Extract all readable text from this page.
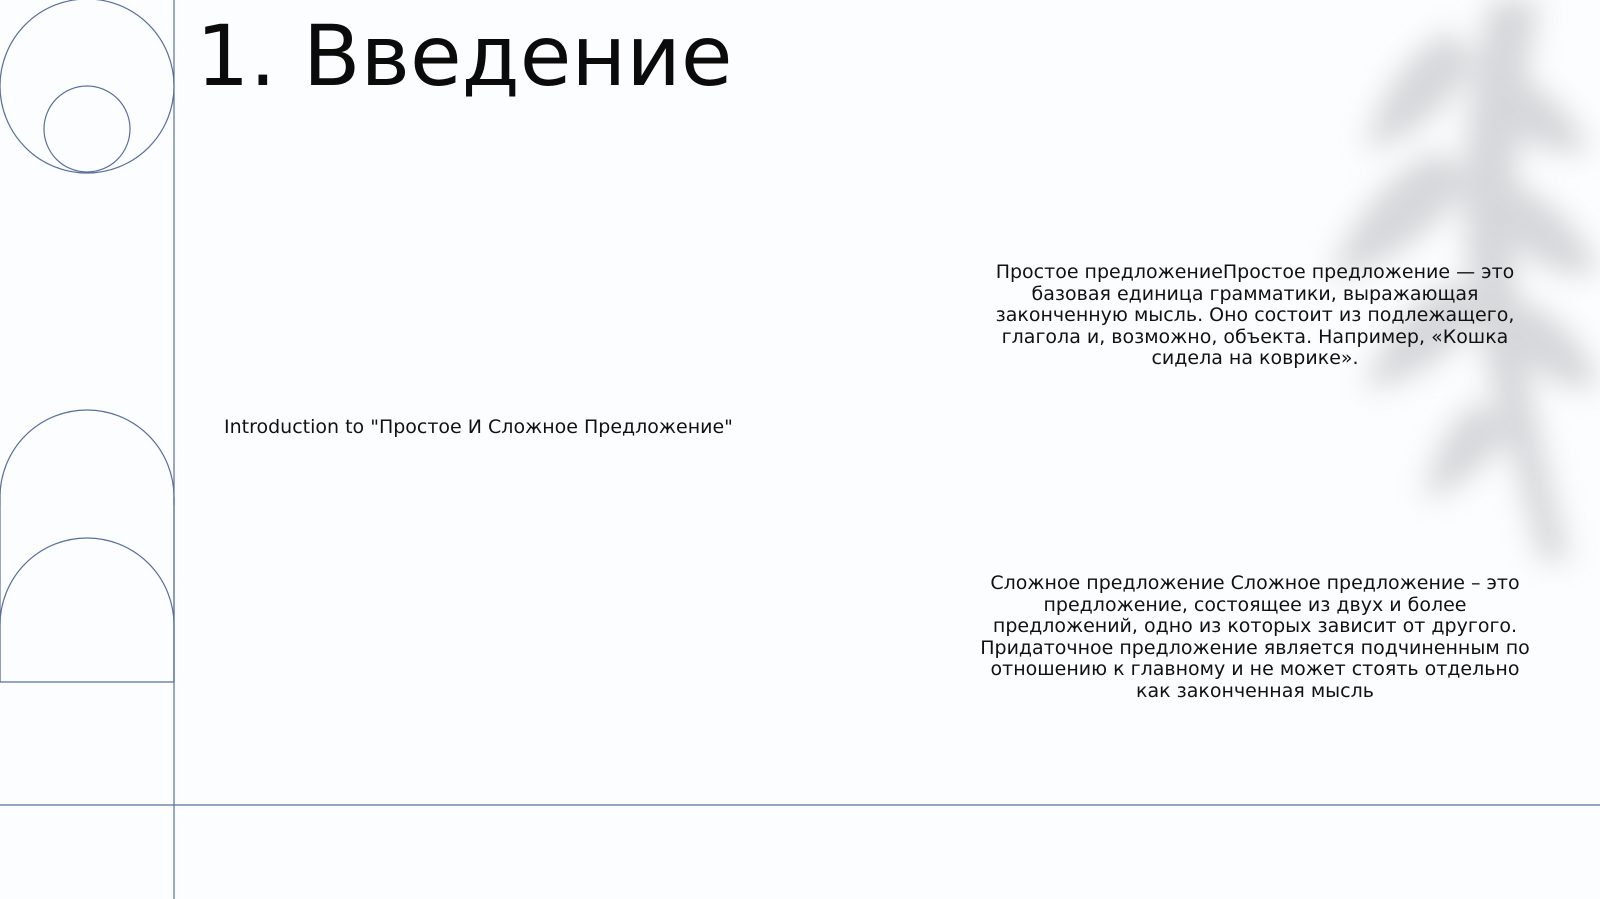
1. Введение
Introduction to "Простое И Сложное Предложение"
Простое предложениеПростое предложение — это базовая единица грамматики, выражающая законченную мысль. Оно состоит из подлежащего, глагола и, возможно, объекта. Например, «Кошка сидела на коврике».
Сложное предложение Сложное предложение – это предложение, состоящее из двух и более предложений, одно из которых зависит от другого. Придаточное предложение является подчиненным по отношению к главному и не может стоять отдельно как законченная мысль
